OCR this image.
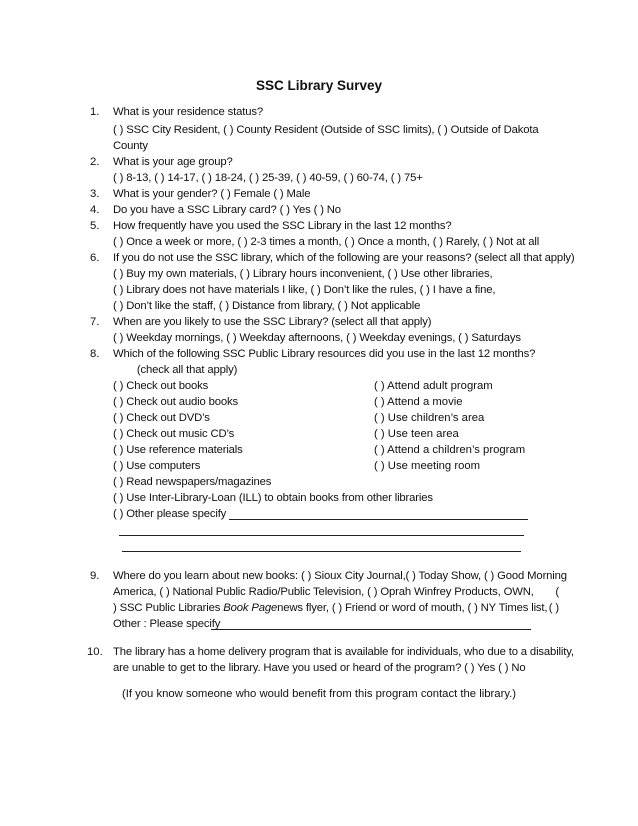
SSC Library Survey
1. What is your residence status?
( ) SSC City Resident, ( ) County Resident (Outside of SSC limits), ( ) Outside of Dakota
County
2. What is your age group?
( ) 8-13, ( ) 14-17, ( ) 18-24, ( ) 25-39, ( ) 40-59, ( ) 60-74, ( ) 75+
3. What is your gender? ( ) Female ( ) Male
4. Do you have a SSC Library card? ( ) Yes ( ) No
5. How frequently have you used the SSC Library in the last 12 months?
( ) Once a week or more, ( ) 2-3 times a month, ( ) Once a month, ( ) Rarely, ( ) Not at all
6. If you do not use the SSC library, which of the following are your reasons? (select all that apply)
( ) Buy my own materials, ( ) Library hours inconvenient, ( ) Use other libraries,
( ) Library does not have materials I like, ( ) Don’t like the rules, ( ) I have a fine,
( ) Don’t like the staff, ( ) Distance from library, ( ) Not applicable
7. When are you likely to use the SSC Library? (select all that apply)
( ) Weekday mornings, ( ) Weekday afternoons, ( ) Weekday evenings, ( ) Saturdays
8. Which of the following SSC Public Library resources did you use in the last 12 months?
(check all that apply)
( ) Check out books
( ) Check out audio books
( ) Check out DVD’s
( ) Check out music CD’s
( ) Use reference materials
( ) Use computers
( ) Read newspapers/magazines
( ) Use Inter-Library-Loan (ILL) to obtain books from other libraries
( ) Other please specify
( ) Attend adult program
( ) Attend a movie
( ) Use children’s area
( ) Use teen area
( ) Attend a children’s program
( ) Use meeting room
9. Where do you learn about new books: ( ) Sioux City Journal,( ) Today Show, ( ) Good Morning
America, ( ) National Public Radio/Public Television, ( ) Oprah Winfrey Products, OWN, (
) SSC Public Libraries Book Pagenews flyer, ( ) Friend or word of mouth, ( ) NY Times list, ( )
Other : Please specify
10. The library has a home delivery program that is available for individuals, who due to a disability,
are unable to get to the library. Have you used or heard of the program? ( ) Yes ( ) No
(If you know someone who would benefit from this program contact the library.)
